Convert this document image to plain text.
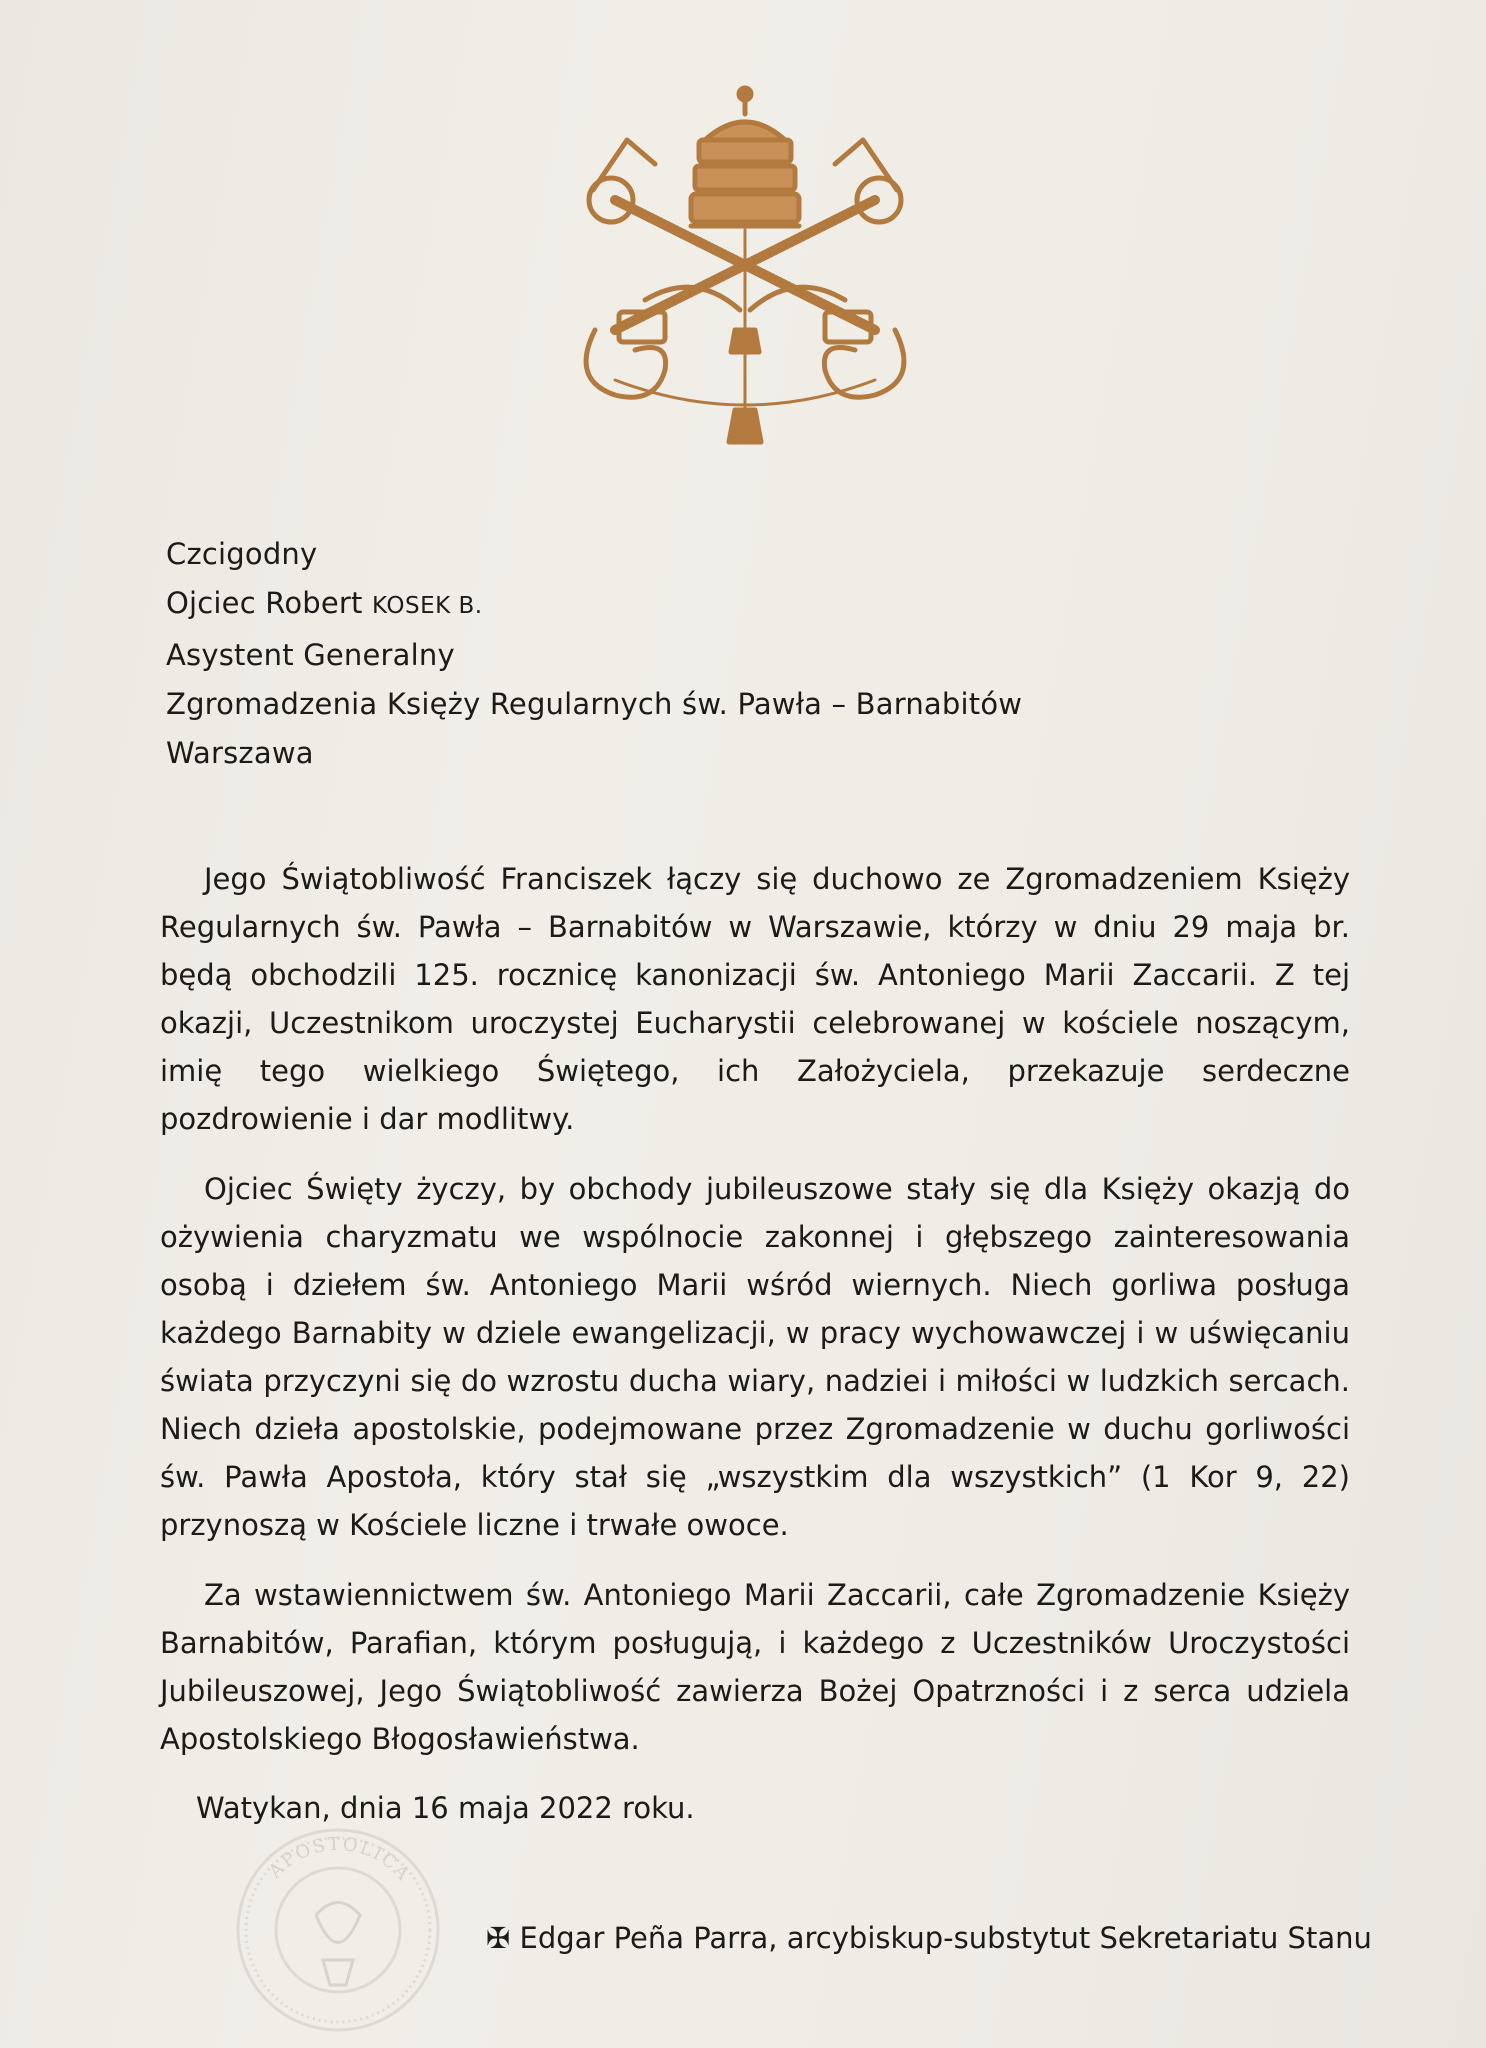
Czcigodny
Ojciec Robert KOSEK B.
Asystent Generalny
Zgromadzenia Księży Regularnych św. Pawła – Barnabitów
Warszawa

Jego Świątobliwość Franciszek łączy się duchowo ze Zgromadzeniem Księży Regularnych św. Pawła – Barnabitów w Warszawie, którzy w dniu 29 maja br. będą obchodzili 125. rocznicę kanonizacji św. Antoniego Marii Zaccarii. Z tej okazji, Uczestnikom uroczystej Eucharystii celebrowanej w kościele noszącym, imię tego wielkiego Świętego, ich Założyciela, przekazuje serdeczne pozdrowienie i dar modlitwy.

Ojciec Święty życzy, by obchody jubileuszowe stały się dla Księży okazją do ożywienia charyzmatu we wspólnocie zakonnej i głębszego zainteresowania osobą i dziełem św. Antoniego Marii wśród wiernych. Niech gorliwa posługa każdego Barnabity w dziele ewangelizacji, w pracy wychowawczej i w uświęcaniu świata przyczyni się do wzrostu ducha wiary, nadziei i miłości w ludzkich sercach. Niech dzieła apostolskie, podejmowane przez Zgromadzenie w duchu gorliwości św. Pawła Apostoła, który stał się „wszystkim dla wszystkich” (1 Kor 9, 22) przynoszą w Kościele liczne i trwałe owoce.

Za wstawiennictwem św. Antoniego Marii Zaccarii, całe Zgromadzenie Księży Barnabitów, Parafian, którym posługują, i każdego z Uczestników Uroczystości Jubileuszowej, Jego Świątobliwość zawierza Bożej Opatrzności i z serca udziela Apostolskiego Błogosławieństwa.

Watykan, dnia 16 maja 2022 roku.
APOSTOLICA
✠ Edgar Peña Parra, arcybiskup-substytut Sekretariatu Stanu
